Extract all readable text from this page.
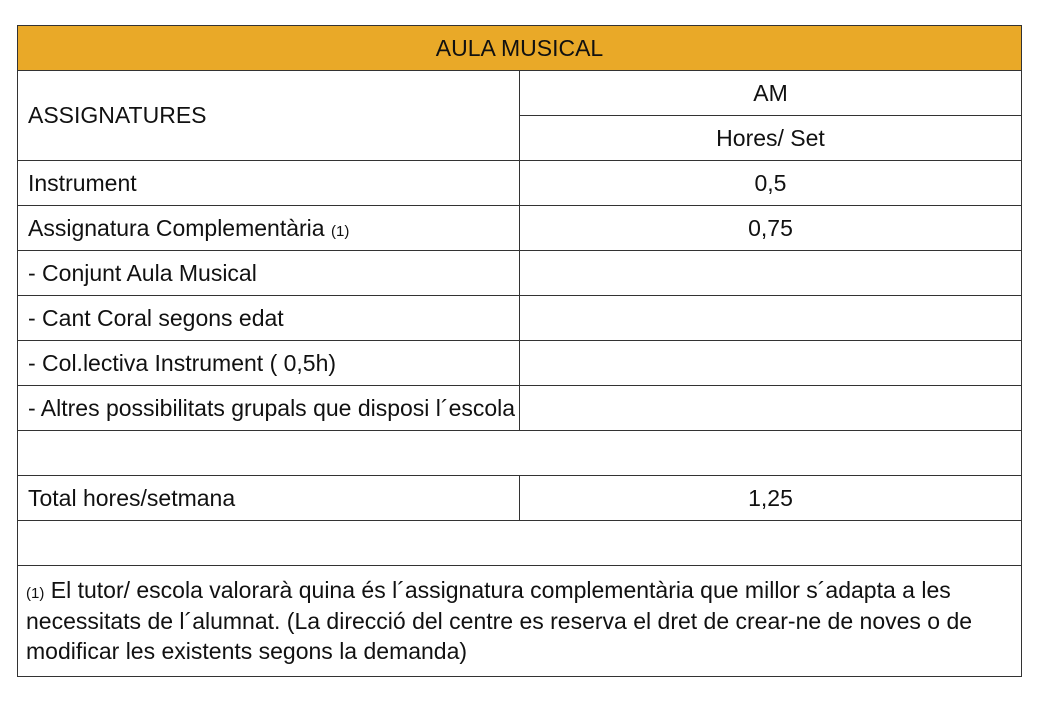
AULA MUSICAL	
ASSIGNATURES	AM
	Hores/ Set
Instrument	0,5
Assignatura Complementària (1)	0,75
- Conjunt Aula Musical	
- Cant Coral segons edat	
- Col.lectiva Instrument ( 0,5h)	
- Altres possibilitats grupals que disposi l´escola	

Total hores/setmana	1,25

(1) El tutor/ escola valorarà quina és l´assignatura complementària que millor s´adapta a les necessitats de l´alumnat. (La direcció del centre es reserva el dret de crear-ne de noves o de modificar les existents segons la demanda)	
